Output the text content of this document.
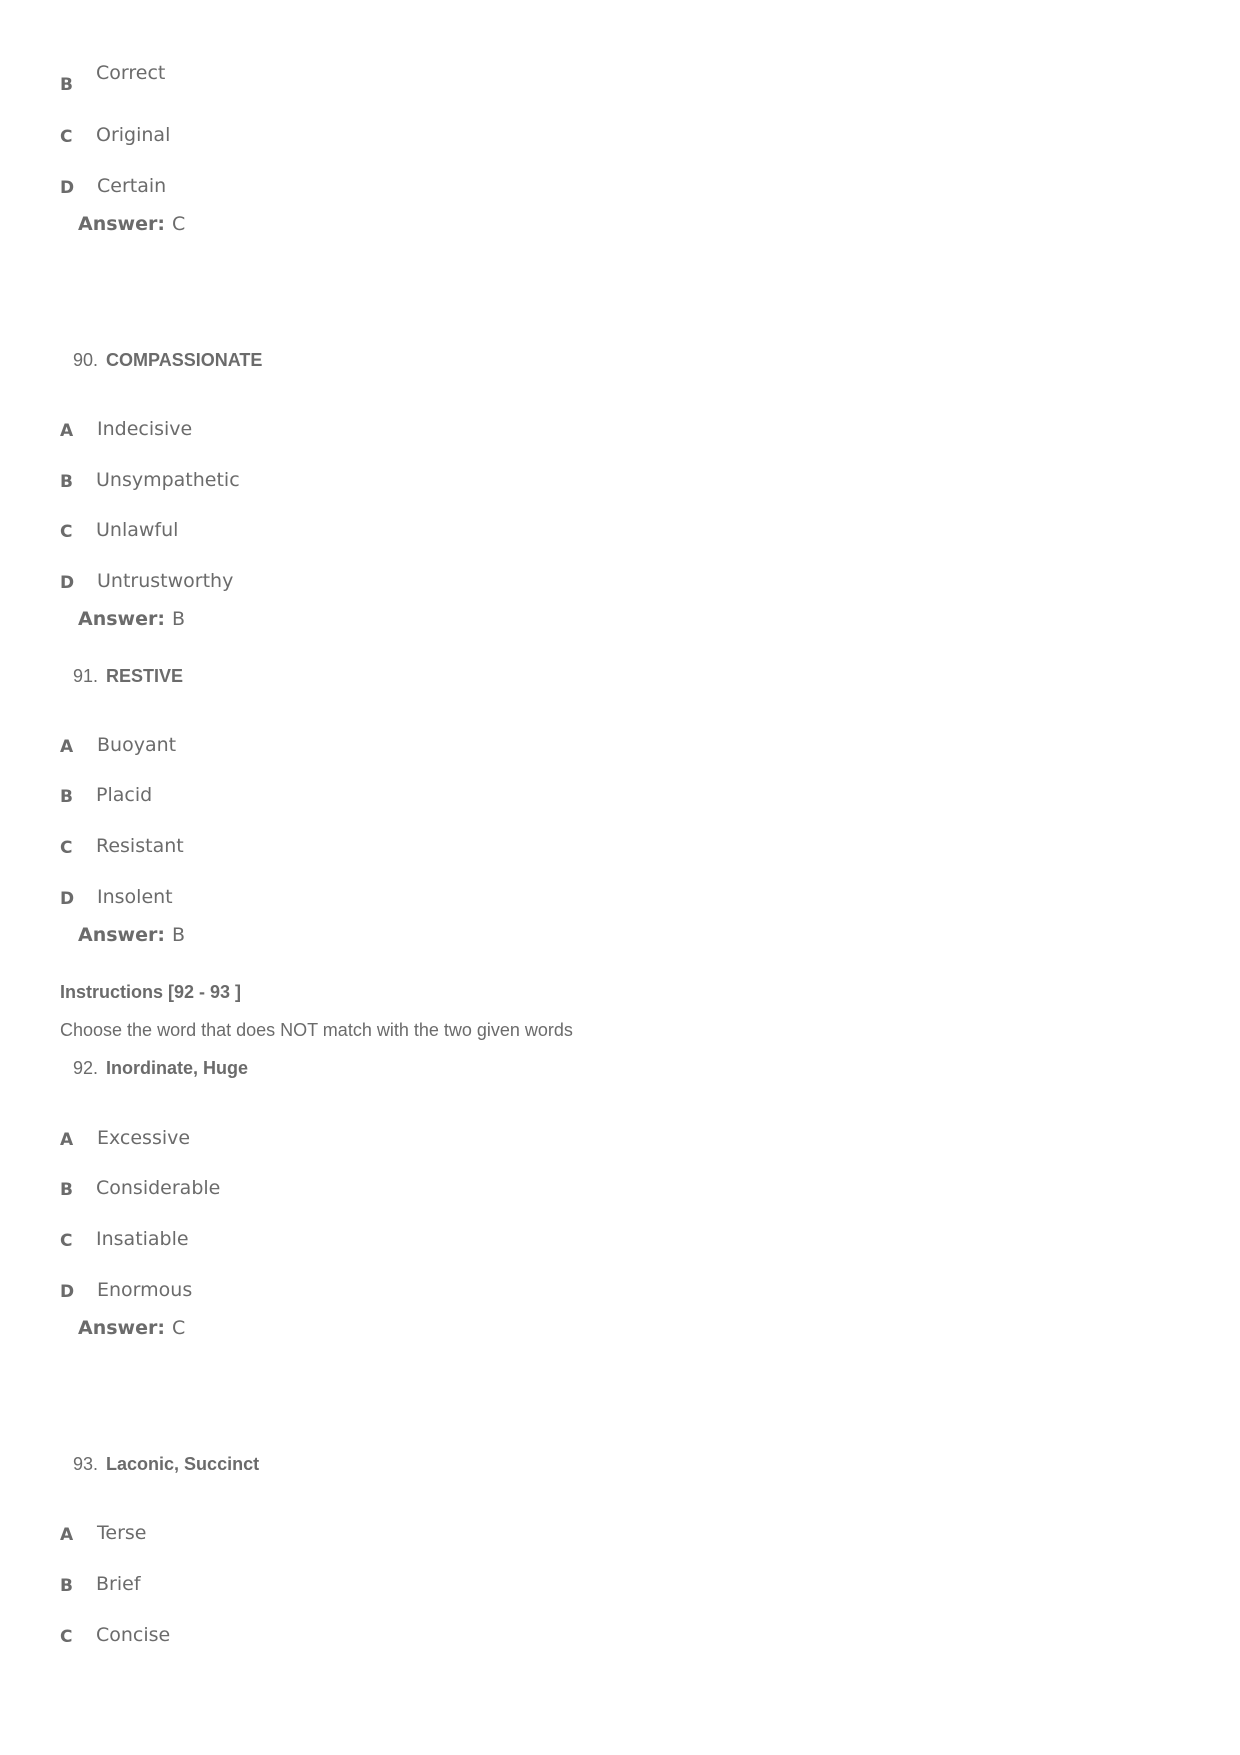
B
Correct
C Original
D Certain
Answer: C
90. COMPASSIONATE
A Indecisive
B Unsympathetic
C Unlawful
D Untrustworthy
Answer: B
91. RESTIVE
A Buoyant
B Placid
C Resistant
D Insolent
Answer: B
Instructions [92 - 93 ]
Choose the word that does NOT match with the two given words
92. Inordinate, Huge
A Excessive
B Considerable
C Insatiable
D Enormous
Answer: C
93. Laconic, Succinct
A Terse
B Brief
C Concise
